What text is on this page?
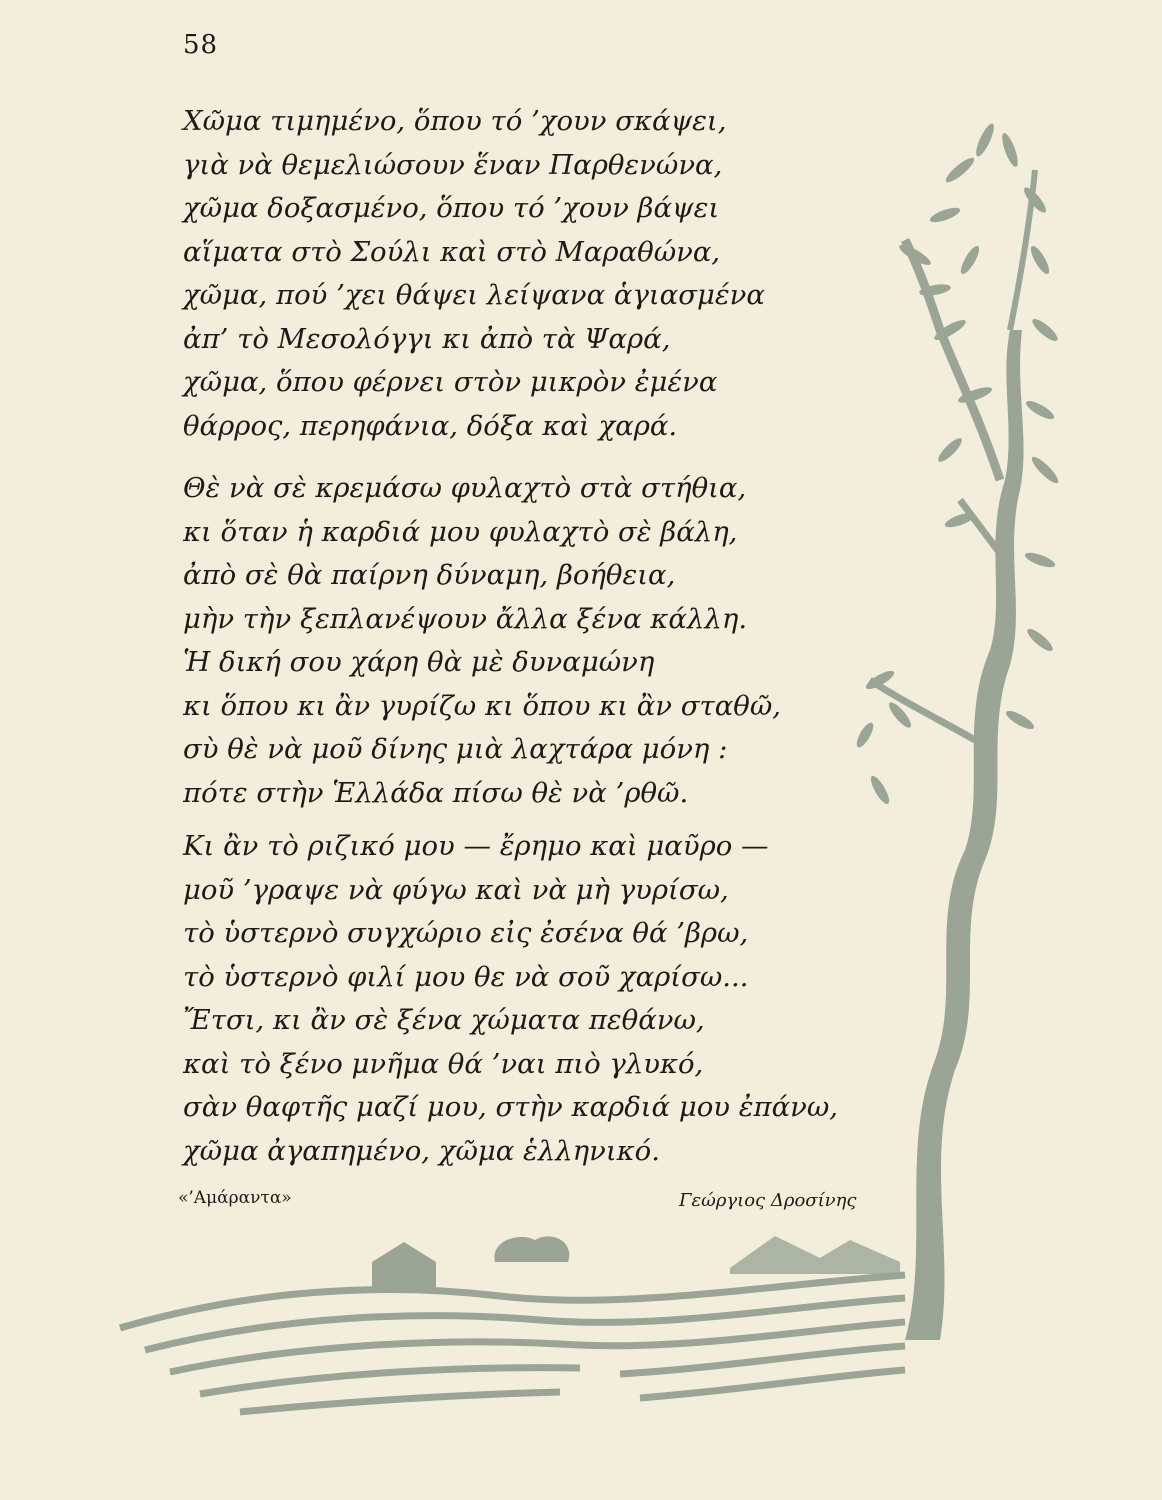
58
Χῶμα τιμημένο, ὅπου τό ’χουν σκάψει,
γιὰ νὰ θεμελιώσουν ἕναν Παρθενώνα,
χῶμα δοξασμένο, ὅπου τό ’χουν βάψει
αἵματα στὸ Σούλι καὶ στὸ Μαραθώνα,
χῶμα, πού ’χει θάψει λείψανα ἁγιασμένα
ἀπ’ τὸ Μεσολόγγι κι ἀπὸ τὰ Ψαρά,
χῶμα, ὅπου φέρνει στὸν μικρὸν ἐμένα
θάρρος, περηφάνια, δόξα καὶ χαρά.
Θὲ νὰ σὲ κρεμάσω φυλαχτὸ στὰ στήθια,
κι ὅταν ἡ καρδιά μου φυλαχτὸ σὲ βάλη,
ἀπὸ σὲ θὰ παίρνη δύναμη, βοήθεια,
μὴν τὴν ξεπλανέψουν ἄλλα ξένα κάλλη.
Ἡ δική σου χάρη θὰ μὲ δυναμώνη
κι ὅπου κι ἂν γυρίζω κι ὅπου κι ἂν σταθῶ,
σὺ θὲ νὰ μοῦ δίνης μιὰ λαχτάρα μόνη :
πότε στὴν Ἑλλάδα πίσω θὲ νὰ ’ρθῶ.
Κι ἂν τὸ ριζικό μου — ἔρημο καὶ μαῦρο —
μοῦ ’γραψε νὰ φύγω καὶ νὰ μὴ γυρίσω,
τὸ ὑστερνὸ συγχώριο εἰς ἐσένα θά ’βρω,
τὸ ὑστερνὸ φιλί μου θε νὰ σοῦ χαρίσω...
Ἔτσι, κι ἂν σὲ ξένα χώματα πεθάνω,
καὶ τὸ ξένο μνῆμα θά ’ναι πιὸ γλυκό,
σὰν θαφτῆς μαζί μου, στὴν καρδιά μου ἐπάνω,
χῶμα ἀγαπημένο, χῶμα ἑλληνικό.
«’Αμάραντα»	Γεώργιος Δροσίνης
